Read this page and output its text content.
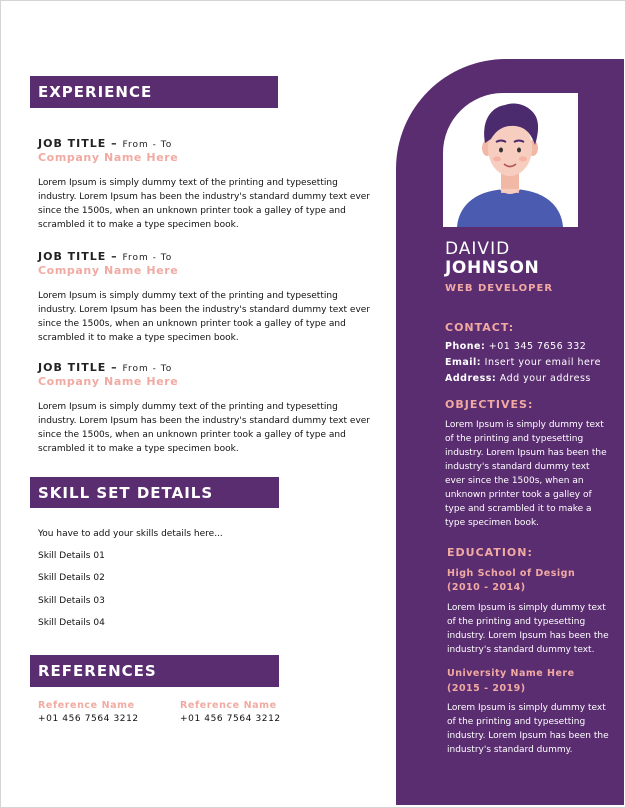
EXPERIENCE
JOB TITLE – From - To
Company Name Here
Lorem Ipsum is simply dummy text of the printing and typesetting industry. Lorem Ipsum has been the industry's standard dummy text ever since the 1500s, when an unknown printer took a galley of type and scrambled it to make a type specimen book.
JOB TITLE – From - To
Company Name Here
Lorem Ipsum is simply dummy text of the printing and typesetting industry. Lorem Ipsum has been the industry's standard dummy text ever since the 1500s, when an unknown printer took a galley of type and scrambled it to make a type specimen book.
JOB TITLE – From - To
Company Name Here
Lorem Ipsum is simply dummy text of the printing and typesetting industry. Lorem Ipsum has been the industry's standard dummy text ever since the 1500s, when an unknown printer took a galley of type and scrambled it to make a type specimen book.
SKILL SET DETAILS
You have to add your skills details here...
Skill Details 01
Skill Details 02
Skill Details 03
Skill Details 04
REFERENCES
Reference Name
+01 456 7564 3212
Reference Name
+01 456 7564 3212
DAIVID
JOHNSON
WEB DEVELOPER
CONTACT:
Phone: +01 345 7656 332
Email: Insert your email here
Address: Add your address
OBJECTIVES:
Lorem Ipsum is simply dummy text of the printing and typesetting industry. Lorem Ipsum has been the industry's standard dummy text ever since the 1500s, when an unknown printer took a galley of type and scrambled it to make a type specimen book.
EDUCATION:
High School of Design
(2010 - 2014)
Lorem Ipsum is simply dummy text of the printing and typesetting industry. Lorem Ipsum has been the industry's standard dummy text.
University Name Here
(2015 - 2019)
Lorem Ipsum is simply dummy text of the printing and typesetting industry. Lorem Ipsum has been the industry's standard dummy.
